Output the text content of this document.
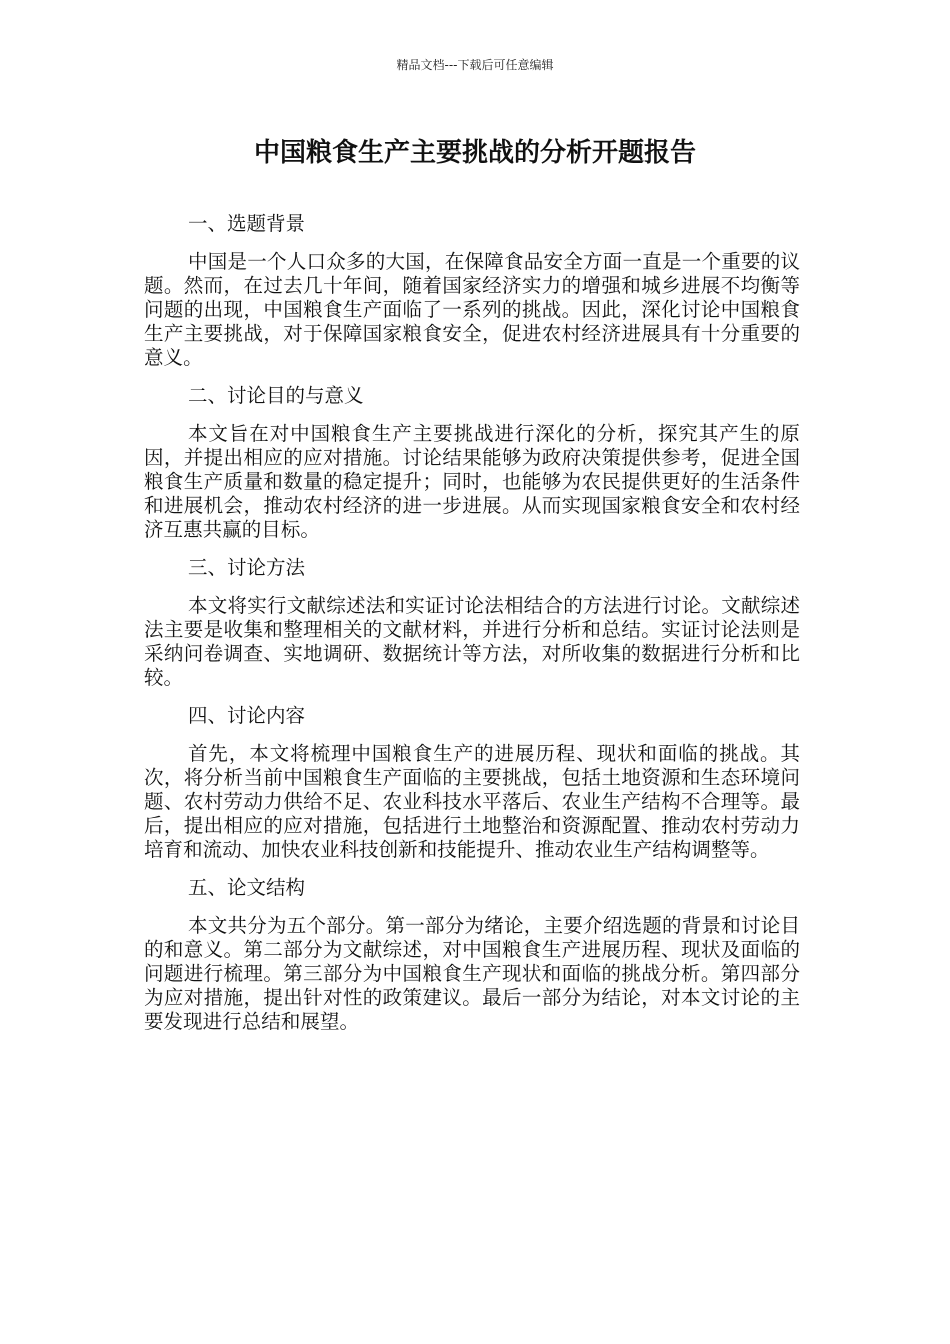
精品文档---下载后可任意编辑
中国粮食生产主要挑战的分析开题报告
一、选题背景
中国是一个人口众多的大国，在保障食品安全方面一直是一个重要的议题。然而，在过去几十年间，随着国家经济实力的增强和城乡进展不均衡等问题的出现，中国粮食生产面临了一系列的挑战。因此，深化讨论中国粮食生产主要挑战，对于保障国家粮食安全，促进农村经济进展具有十分重要的意义。
二、讨论目的与意义
本文旨在对中国粮食生产主要挑战进行深化的分析，探究其产生的原因，并提出相应的应对措施。讨论结果能够为政府决策提供参考，促进全国粮食生产质量和数量的稳定提升；同时，也能够为农民提供更好的生活条件和进展机会，推动农村经济的进一步进展。从而实现国家粮食安全和农村经济互惠共赢的目标。
三、讨论方法
本文将实行文献综述法和实证讨论法相结合的方法进行讨论。文献综述法主要是收集和整理相关的文献材料，并进行分析和总结。实证讨论法则是采纳问卷调查、实地调研、数据统计等方法，对所收集的数据进行分析和比较。
四、讨论内容
首先，本文将梳理中国粮食生产的进展历程、现状和面临的挑战。其次，将分析当前中国粮食生产面临的主要挑战，包括土地资源和生态环境问题、农村劳动力供给不足、农业科技水平落后、农业生产结构不合理等。最后，提出相应的应对措施，包括进行土地整治和资源配置、推动农村劳动力培育和流动、加快农业科技创新和技能提升、推动农业生产结构调整等。
五、论文结构
本文共分为五个部分。第一部分为绪论，主要介绍选题的背景和讨论目的和意义。第二部分为文献综述，对中国粮食生产进展历程、现状及面临的问题进行梳理。第三部分为中国粮食生产现状和面临的挑战分析。第四部分为应对措施，提出针对性的政策建议。最后一部分为结论，对本文讨论的主要发现进行总结和展望。
